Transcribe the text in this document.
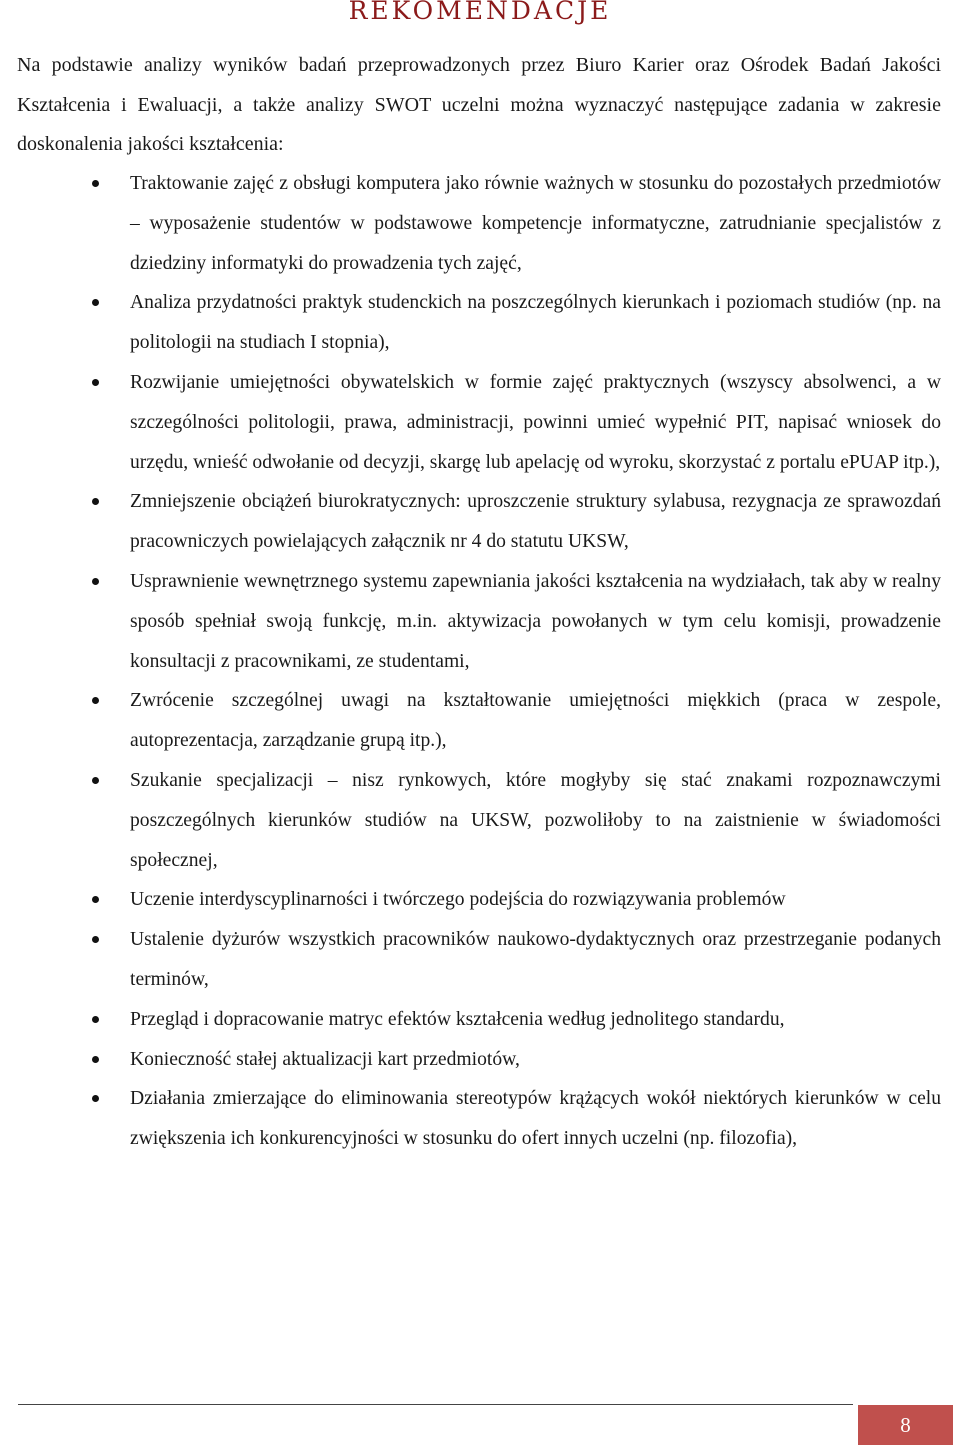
REKOMENDACJE

Na podstawie analizy wyników badań przeprowadzonych przez Biuro Karier oraz Ośrodek Badań Jakości Kształcenia i Ewaluacji, a także analizy SWOT uczelni można wyznaczyć następujące zadania w zakresie doskonalenia jakości kształcenia:

Traktowanie zajęć z obsługi komputera jako równie ważnych w stosunku do pozostałych przedmiotów – wyposażenie studentów w podstawowe kompetencje informatyczne, zatrudnianie specjalistów z dziedziny informatyki do prowadzenia tych zajęć,
Analiza przydatności praktyk studenckich na poszczególnych kierunkach i poziomach studiów (np. na politologii na studiach I stopnia),
Rozwijanie umiejętności obywatelskich w formie zajęć praktycznych (wszyscy absolwenci, a w szczególności politologii, prawa, administracji, powinni umieć wypełnić PIT, napisać wniosek do urzędu, wnieść odwołanie od decyzji, skargę lub apelację od wyroku, skorzystać z portalu ePUAP itp.),
Zmniejszenie obciążeń biurokratycznych: uproszczenie struktury sylabusa, rezygnacja ze sprawozdań pracowniczych powielających załącznik nr 4 do statutu UKSW,
Usprawnienie wewnętrznego systemu zapewniania jakości kształcenia na wydziałach, tak aby w realny sposób spełniał swoją funkcję, m.in. aktywizacja powołanych w tym celu komisji, prowadzenie konsultacji z pracownikami, ze studentami,
Zwrócenie szczególnej uwagi na kształtowanie umiejętności miękkich (praca w zespole, autoprezentacja, zarządzanie grupą itp.),
Szukanie specjalizacji – nisz rynkowych, które mogłyby się stać znakami rozpoznawczymi poszczególnych kierunków studiów na UKSW, pozwoliłoby to na zaistnienie w świadomości społecznej,
Uczenie interdyscyplinarności i twórczego podejścia do rozwiązywania problemów
Ustalenie dyżurów wszystkich pracowników naukowo-dydaktycznych oraz przestrzeganie podanych terminów,
Przegląd i dopracowanie matryc efektów kształcenia według jednolitego standardu,
Konieczność stałej aktualizacji kart przedmiotów,
Działania zmierzające do eliminowania stereotypów krążących wokół niektórych kierunków w celu zwiększenia ich konkurencyjności w stosunku do ofert innych uczelni (np. filozofia),
8
